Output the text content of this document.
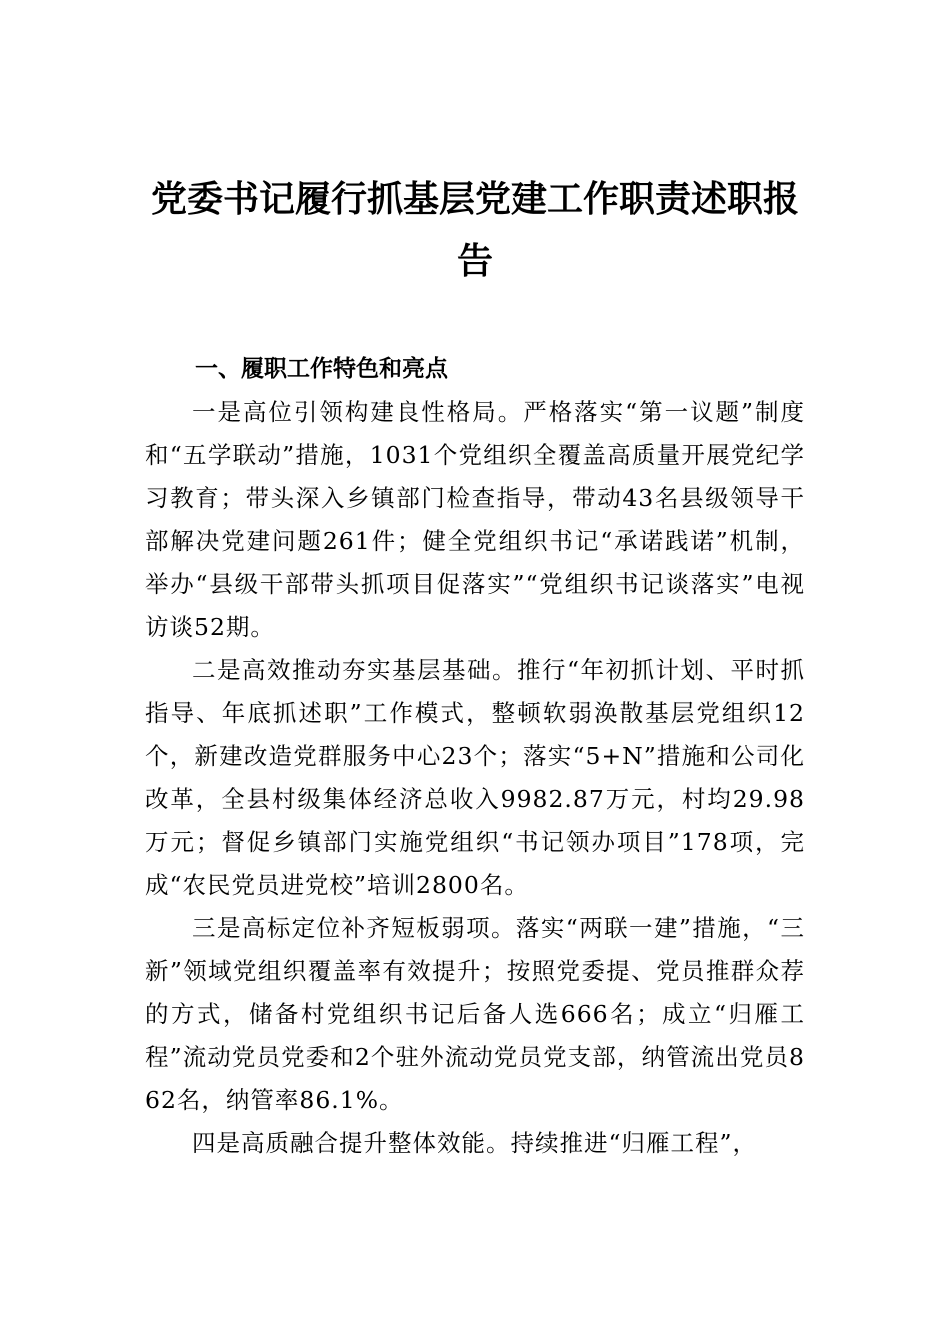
党委书记履行抓基层党建工作职责述职报告
一、履职工作特色和亮点

一是高位引领构建良性格局。严格落实“第一议题”制度和“五学联动”措施，1031个党组织全覆盖高质量开展党纪学习教育；带头深入乡镇部门检查指导，带动43名县级领导干部解决党建问题261件；健全党组织书记“承诺践诺”机制，举办“县级干部带头抓项目促落实”“党组织书记谈落实”电视访谈52期。

二是高效推动夯实基层基础。推行“年初抓计划、平时抓指导、年底抓述职”工作模式，整顿软弱涣散基层党组织12个，新建改造党群服务中心23个；落实“5+N”措施和公司化改革，全县村级集体经济总收入9982.87万元，村均29.98万元；督促乡镇部门实施党组织“书记领办项目”178项，完成“农民党员进党校”培训2800名。

三是高标定位补齐短板弱项。落实“两联一建”措施，“三新”领域党组织覆盖率有效提升；按照党委提、党员推群众荐的方式，储备村党组织书记后备人选666名；成立“归雁工程”流动党员党委和2个驻外流动党员党支部，纳管流出党员862名，纳管率86.1%。

四是高质融合提升整体效能。持续推进“归雁工程”，
